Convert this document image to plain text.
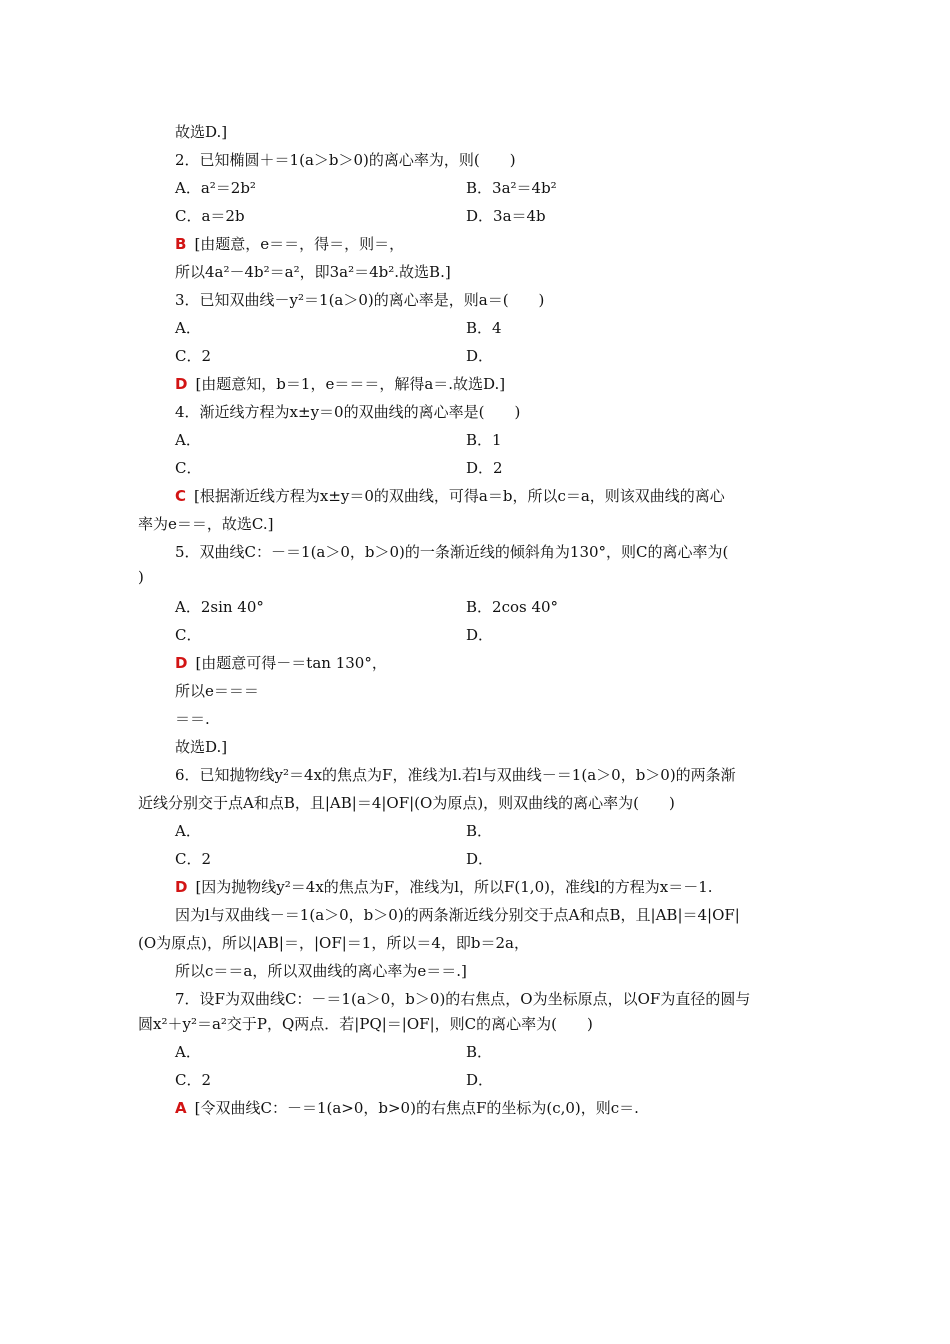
故选D.]
2．已知椭圆＋＝1(a＞b＞0)的离心率为，则(　　)
A．a²＝2b²	B．3a²＝4b²
C．a＝2b	D．3a＝4b
B [由题意，e＝＝，得＝，则＝，
所以4a²－4b²＝a²，即3a²＝4b².故选B.]
3．已知双曲线－y²＝1(a＞0)的离心率是，则a＝(　　)
A．	B．4
C．2	D．
D [由题意知，b＝1，e＝＝＝，解得a＝.故选D.]
4．渐近线方程为x±y＝0的双曲线的离心率是(　　)
A．	B．1
C．	D．2
C [根据渐近线方程为x±y＝0的双曲线，可得a＝b，所以c＝a，则该双曲线的离心
率为e＝＝，故选C.]
5．双曲线C：－＝1(a＞0，b＞0)的一条渐近线的倾斜角为130°，则C的离心率为(
)
A．2sin 40°	B．2cos 40°
C．	D．
D [由题意可得－＝tan 130°，
所以e＝＝＝
＝＝.
故选D.]
6．已知抛物线y²＝4x的焦点为F，准线为l.若l与双曲线－＝1(a＞0，b＞0)的两条渐
近线分别交于点A和点B，且|AB|＝4|OF|(O为原点)，则双曲线的离心率为(　　)
A．	B．
C．2	D．
D [因为抛物线y²＝4x的焦点为F，准线为l，所以F(1,0)，准线l的方程为x＝－1.
因为l与双曲线－＝1(a＞0，b＞0)的两条渐近线分别交于点A和点B，且|AB|＝4|OF|
(O为原点)，所以|AB|＝，|OF|＝1，所以＝4，即b＝2a，
所以c＝＝a，所以双曲线的离心率为e＝＝.]
7．设F为双曲线C：－＝1(a＞0，b＞0)的右焦点，O为坐标原点，以OF为直径的圆与
圆x²＋y²＝a²交于P，Q两点．若|PQ|＝|OF|，则C的离心率为(　　)
A．	B．
C．2	D．
A [令双曲线C：－＝1(a>0，b>0)的右焦点F的坐标为(c,0)，则c＝.
